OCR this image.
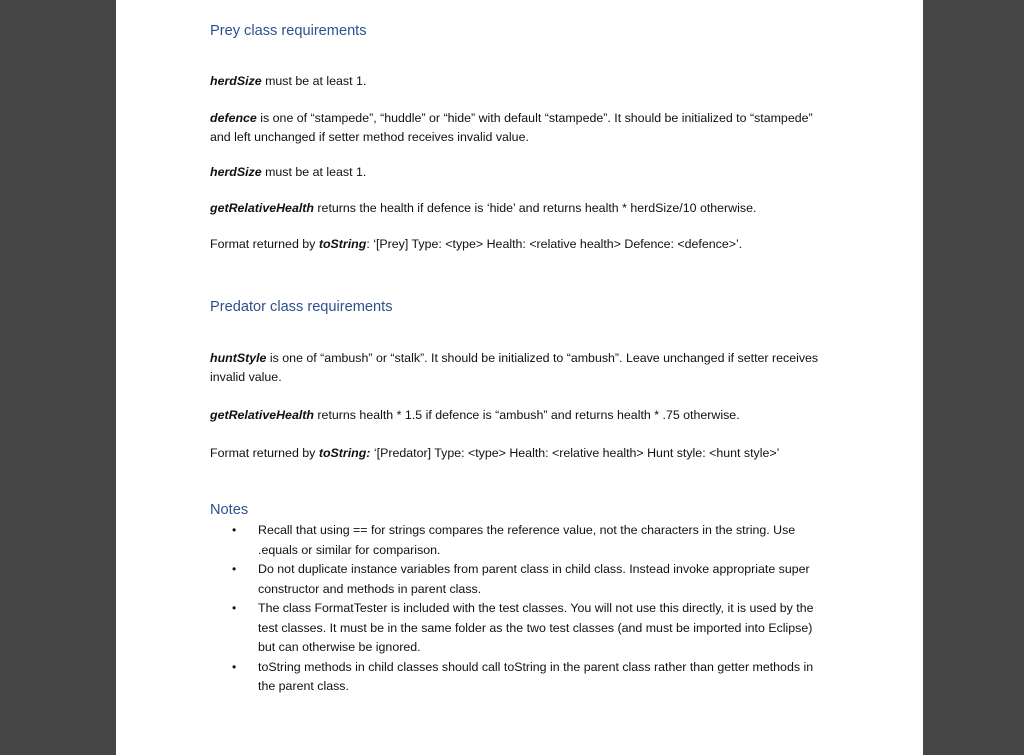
Prey class requirements

herdSize must be at least 1.

defence is one of “stampede”, “huddle” or “hide” with default “stampede”. It should be initialized to “stampede” and left unchanged if setter method receives invalid value.

herdSize must be at least 1.

getRelativeHealth returns the health if defence is ‘hide’ and returns health * herdSize/10 otherwise.

Format returned by toString: ‘[Prey] Type: <type> Health: <relative health> Defence: <defence>’.

Predator class requirements

huntStyle is one of “ambush” or “stalk”. It should be initialized to “ambush”. Leave unchanged if setter receives invalid value.

getRelativeHealth returns health * 1.5 if defence is “ambush” and returns health * .75 otherwise.

Format returned by toString: ‘[Predator] Type: <type> Health: <relative health> Hunt style: <hunt style>’

Notes
• Recall that using == for strings compares the reference value, not the characters in the string. Use .equals or similar for comparison.
• Do not duplicate instance variables from parent class in child class. Instead invoke appropriate super constructor and methods in parent class.
• The class FormatTester is included with the test classes. You will not use this directly, it is used by the test classes. It must be in the same folder as the two test classes (and must be imported into Eclipse) but can otherwise be ignored.
• toString methods in child classes should call toString in the parent class rather than getter methods in the parent class.
